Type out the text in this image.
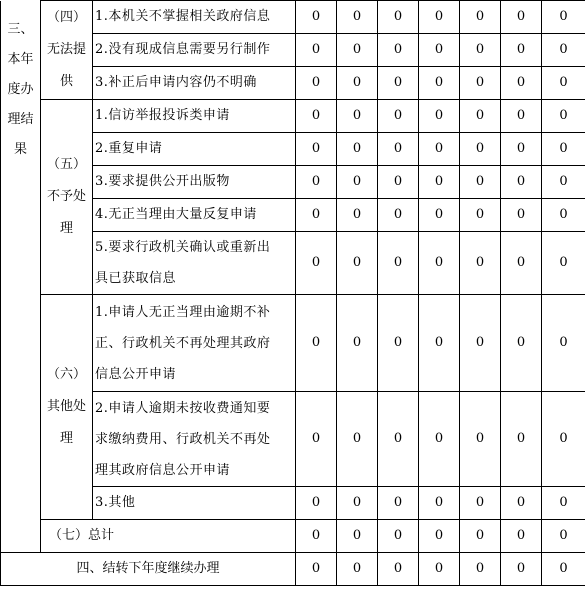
三、
本年
度办
理结
果	（四）
无法提
供	1.本机关不掌握相关政府信息	0	0	0	0	0	0	0

		2.没有现成信息需要另行制作	0	0	0	0	0	0	0

		3.补正后申请内容仍不明确	0	0	0	0	0	0	0

	（五）
不予处
理	1.信访举报投诉类申请	0	0	0	0	0	0	0

		2.重复申请	0	0	0	0	0	0	0

		3.要求提供公开出版物	0	0	0	0	0	0	0

		4.无正当理由大量反复申请	0	0	0	0	0	0	0

		5.要求行政机关确认或重新出
具已获取信息	0	0	0	0	0	0	0

	（六）
其他处
理	1.申请人无正当理由逾期不补
正、行政机关不再处理其政府
信息公开申请	0	0	0	0	0	0	0

		2.申请人逾期未按收费通知要
求缴纳费用、行政机关不再处
理其政府信息公开申请	0	0	0	0	0	0	0

		3.其他	0	0	0	0	0	0	0
	（七）总计		0	0	0	0	0	0	0
四、结转下年度继续办理			0	0	0	0	0	0	0
